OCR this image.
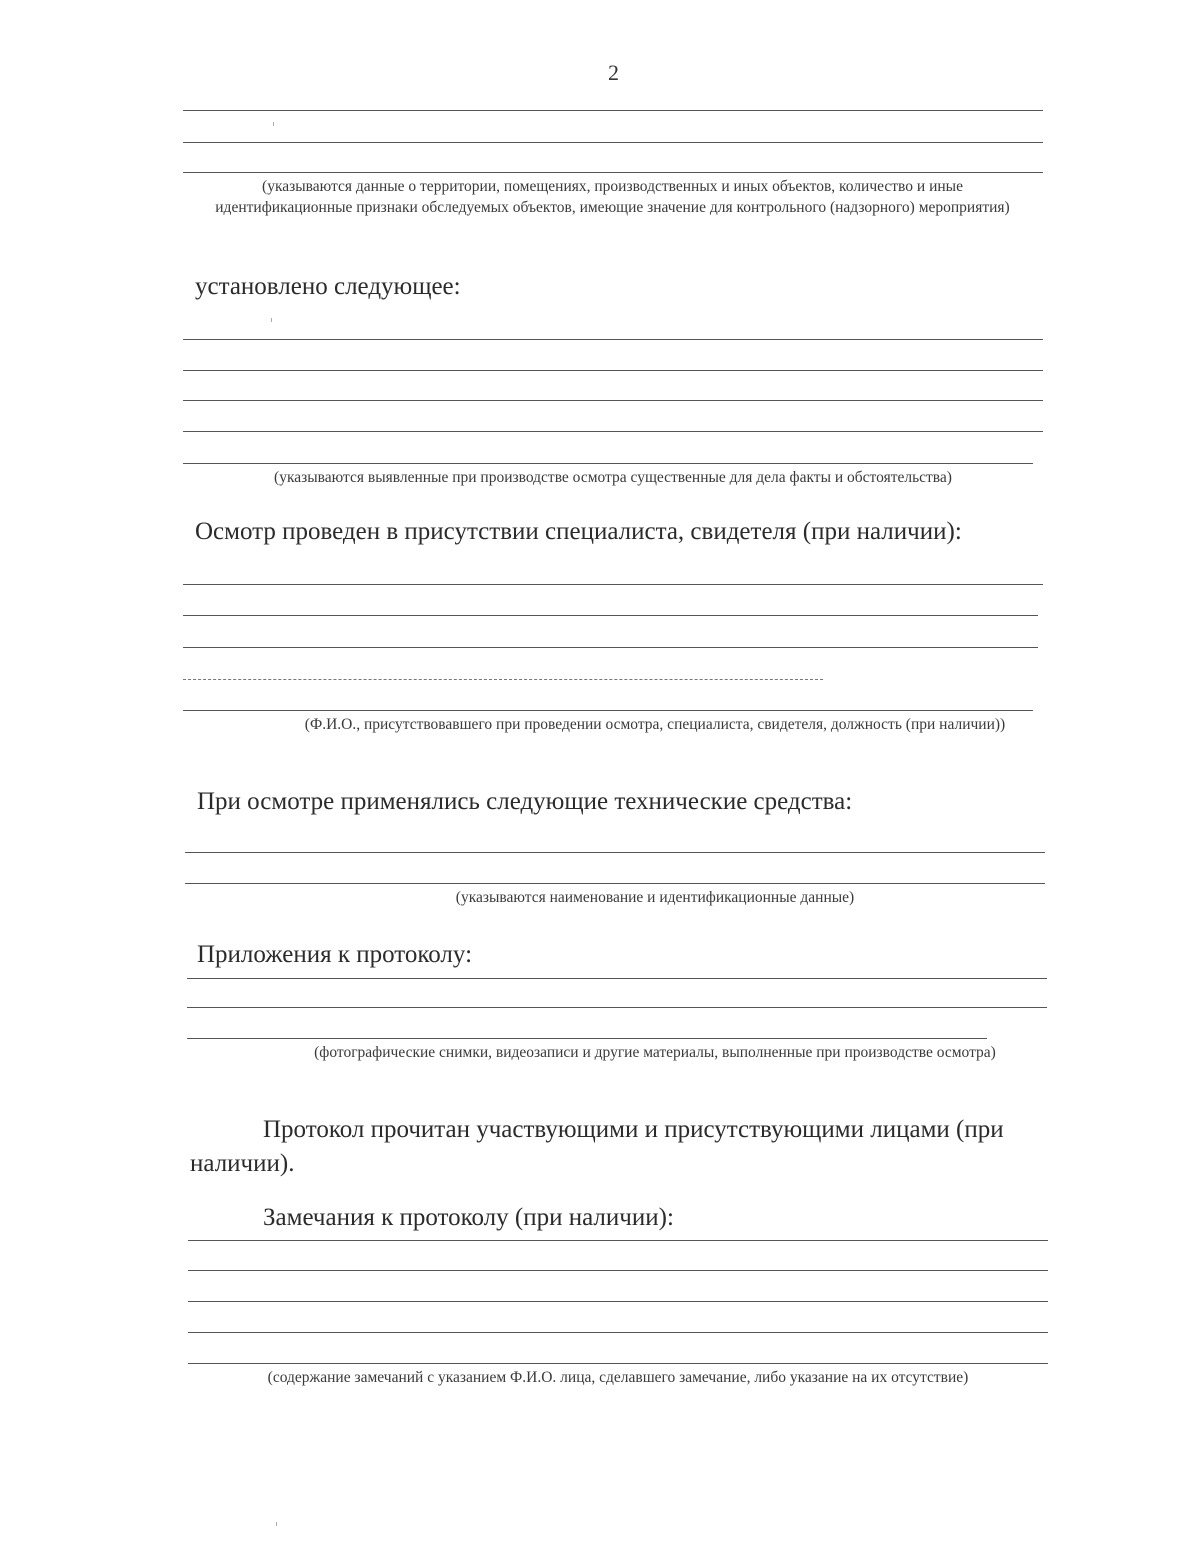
2
(указываются данные о территории, помещениях, производственных и иных объектов, количество и иные идентификационные признаки обследуемых объектов, имеющие значение для контрольного (надзорного) мероприятия)
установлено следующее:
(указываются выявленные при производстве осмотра существенные для дела факты и обстоятельства)
Осмотр проведен в присутствии специалиста, свидетеля (при наличии):
(Ф.И.О., присутствовавшего при проведении осмотра, специалиста, свидетеля, должность (при наличии))
При осмотре применялись следующие технические средства:
(указываются наименование и идентификационные данные)
Приложения к протоколу:
(фотографические снимки, видеозаписи и другие материалы, выполненные при производстве осмотра)
Протокол прочитан участвующими и присутствующими лицами (при наличии).
Замечания к протоколу (при наличии):
(содержание замечаний с указанием Ф.И.О. лица, сделавшего замечание, либо указание на их отсутствие)
